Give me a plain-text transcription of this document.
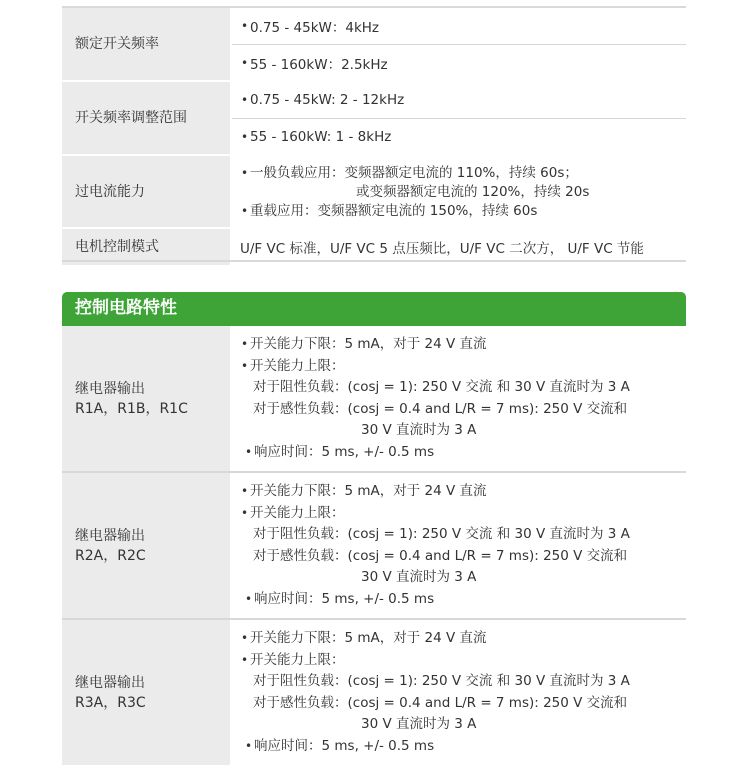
额定开关频率
• 0.75 - 45kW：4kHz
• 55 - 160kW：2.5kHz
开关频率调整范围
• 0.75 - 45kW: 2 - 12kHz
• 55 - 160kW: 1 - 8kHz
过电流能力
• 一般负载应用：变频器额定电流的 110%，持续 60s；
或变频器额定电流的 120%，持续 20s
• 重载应用：变频器额定电流的 150%，持续 60s
电机控制模式	U/F VC 标准，U/F VC 5 点压频比，U/F VC 二次方， U/F VC 节能
控制电路特性
继电器输出
R1A，R1B，R1C
• 开关能力下限：5 mA，对于 24 V 直流
• 开关能力上限：
对于阻性负载：(cosj = 1): 250 V 交流 和 30 V 直流时为 3 A
对于感性负载：(cosj = 0.4 and L/R = 7 ms): 250 V 交流和
30 V 直流时为 3 A
• 响应时间：5 ms, +/- 0.5 ms
继电器输出
R2A，R2C
• 开关能力下限：5 mA，对于 24 V 直流
• 开关能力上限：
对于阻性负载：(cosj = 1): 250 V 交流 和 30 V 直流时为 3 A
对于感性负载：(cosj = 0.4 and L/R = 7 ms): 250 V 交流和
30 V 直流时为 3 A
• 响应时间：5 ms, +/- 0.5 ms
继电器输出
R3A，R3C
• 开关能力下限：5 mA，对于 24 V 直流
• 开关能力上限：
对于阻性负载：(cosj = 1): 250 V 交流 和 30 V 直流时为 3 A
对于感性负载：(cosj = 0.4 and L/R = 7 ms): 250 V 交流和
30 V 直流时为 3 A
• 响应时间：5 ms, +/- 0.5 ms
